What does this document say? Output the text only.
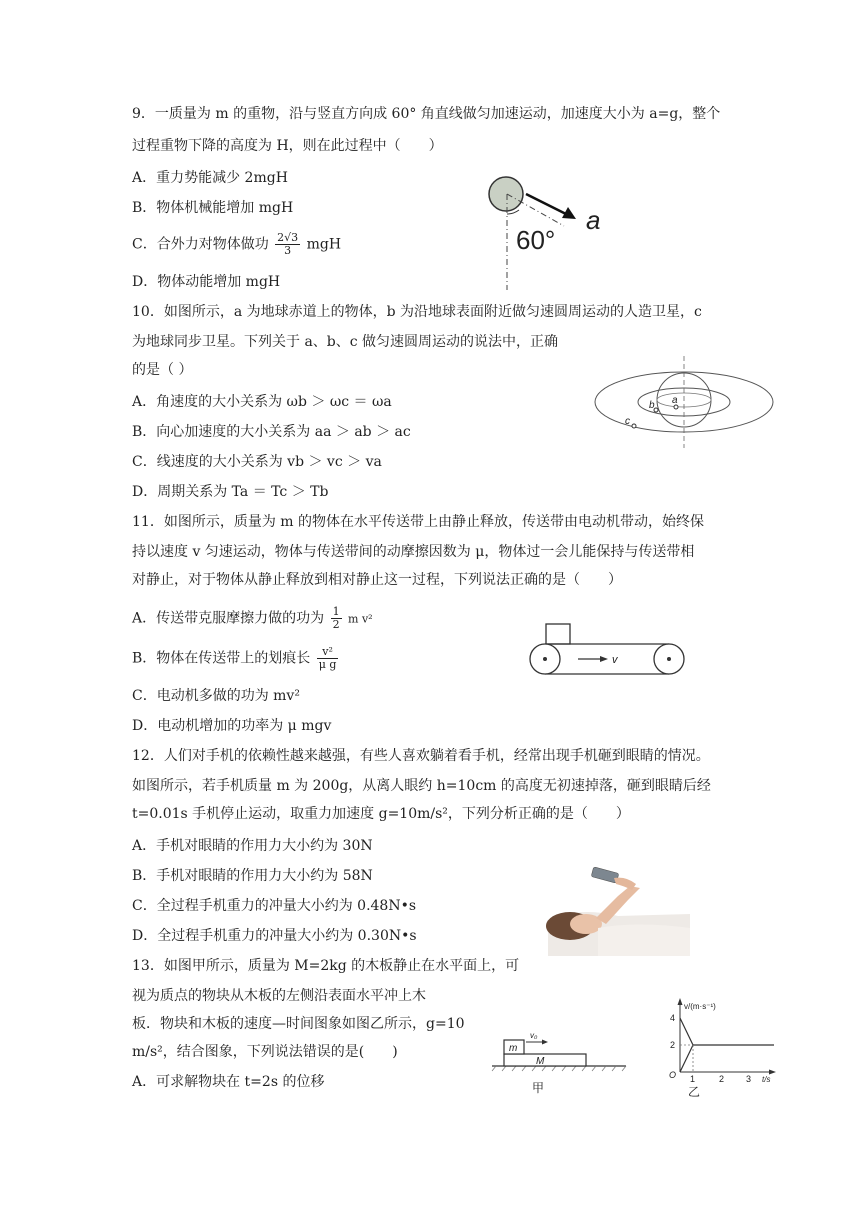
9．一质量为 m 的重物，沿与竖直方向成 60° 角直线做匀加速运动，加速度大小为 a=g，整个
过程重物下降的高度为 H，则在此过程中（　　）
A．重力势能减少 2mgH
B．物体机械能增加 mgH
C．合外力对物体做功 $\frac{2√3}{3}$ mgH
D．物体动能增加 mgH
60°
a
10．如图所示，a 为地球赤道上的物体，b 为沿地球表面附近做匀速圆周运动的人造卫星，c
为地球同步卫星。下列关于 a、b、c 做匀速圆周运动的说法中，正确
的是（ ）
A．角速度的大小关系为 ωb ＞ ωc ＝ ωa
B．向心加速度的大小关系为 aa ＞ ab ＞ ac
C．线速度的大小关系为 vb ＞ vc ＞ va
D．周期关系为 Ta ＝ Tc ＞ Tb
a
b
c
11．如图所示，质量为 m 的物体在水平传送带上由静止释放，传送带由电动机带动，始终保
持以速度 v 匀速运动，物体与传送带间的动摩擦因数为 μ，物体过一会儿能保持与传送带相
对静止，对于物体从静止释放到相对静止这一过程，下列说法正确的是（　　）
A．传送带克服摩擦力做的功为 $\frac{1}{2}$ m v²
B．物体在传送带上的划痕长 $\frac{\text{v²}}{\text{μ g}}$
C．电动机多做的功为 mv²
D．电动机增加的功率为 μ mgv
v
12．人们对手机的依赖性越来越强，有些人喜欢躺着看手机，经常出现手机砸到眼睛的情况。
如图所示，若手机质量 m 为 200g，从离人眼约 h=10cm 的高度无初速掉落，砸到眼睛后经
t=0.01s 手机停止运动，取重力加速度 g=10m/s²，下列分析正确的是（　　）
A．手机对眼睛的作用力大小约为 30N
B．手机对眼睛的作用力大小约为 58N
C．全过程手机重力的冲量大小约为 0.48N•s
D．全过程手机重力的冲量大小约为 0.30N•s
13．如图甲所示，质量为 M=2kg 的木板静止在水平面上，可
视为质点的物块从木板的左侧沿表面水平冲上木
板．物块和木板的速度—时间图象如图乙所示，g=10
m/s²，结合图象，下列说法错误的是(　　)
A．可求解物块在 t=2s 的位移
m
M
v₀
甲
v/(m·s⁻¹)
t/s
O
4
2
1	2 3
乙
